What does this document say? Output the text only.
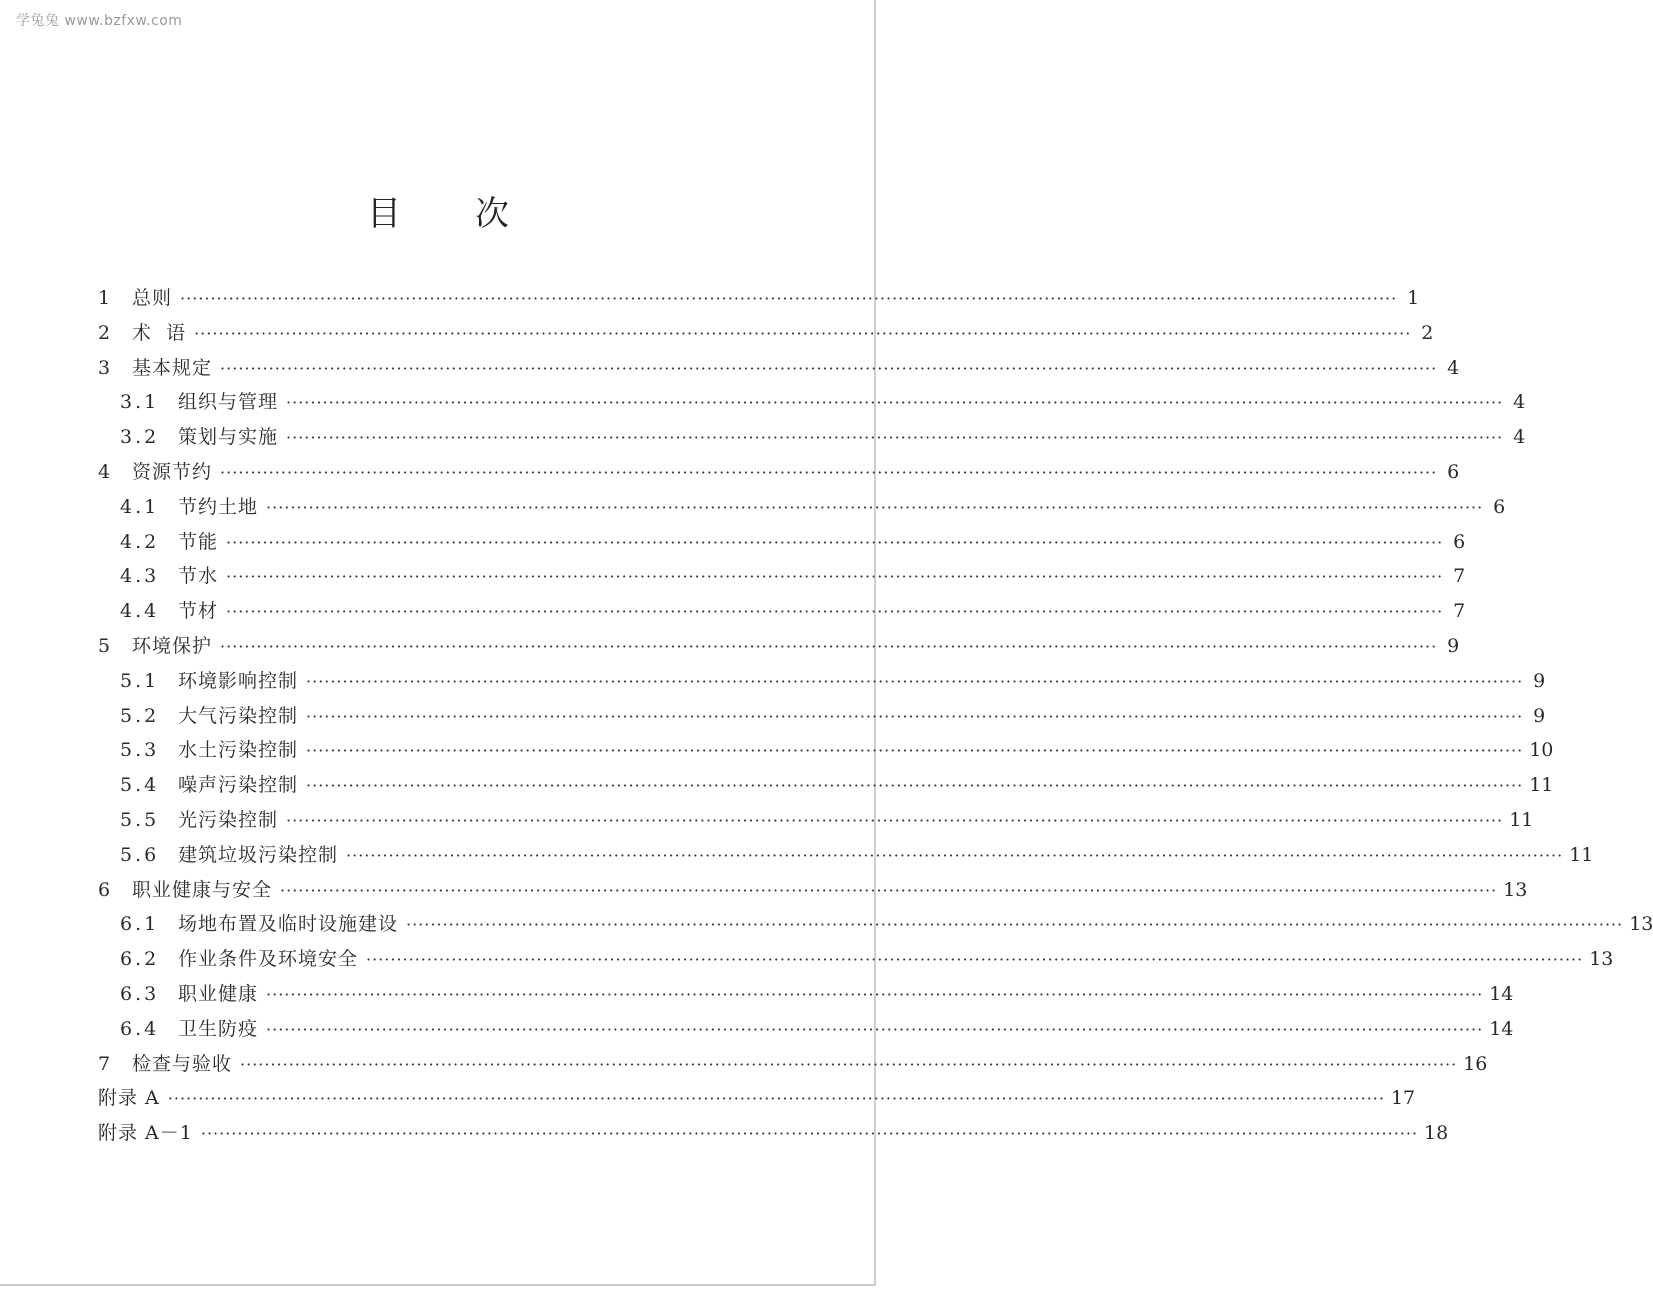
学兔兔 www.bzfxw.com
目次
1	总则 ········································································································································································································ 1
2	术  语 ········································································································································································································ 2
3	基本规定 ········································································································································································································ 4
3.1 组织与管理 ········································································································································································································ 4
3.2 策划与实施 ········································································································································································································ 4
4	资源节约 ········································································································································································································ 6
4.1 节约土地 ········································································································································································································ 6
4.2 节能 ········································································································································································································ 6
4.3 节水 ········································································································································································································ 7
4.4 节材 ········································································································································································································ 7
5	环境保护 ········································································································································································································ 9
5.1 环境影响控制 ········································································································································································································ 9
5.2 大气污染控制 ········································································································································································································ 9
5.3 水土污染控制 ········································································································································································································ 10
5.4 噪声污染控制 ········································································································································································································ 11
5.5 光污染控制 ········································································································································································································ 11
5.6 建筑垃圾污染控制 ········································································································································································································ 11
6	职业健康与安全 ········································································································································································································ 13
6.1 场地布置及临时设施建设 ········································································································································································································ 13
6.2 作业条件及环境安全 ········································································································································································································ 13
6.3 职业健康 ········································································································································································································ 14
6.4 卫生防疫 ········································································································································································································ 14
7	检查与验收 ········································································································································································································ 16
附录 A ········································································································································································································ 17
附录 A－1 ········································································································································································································ 18
